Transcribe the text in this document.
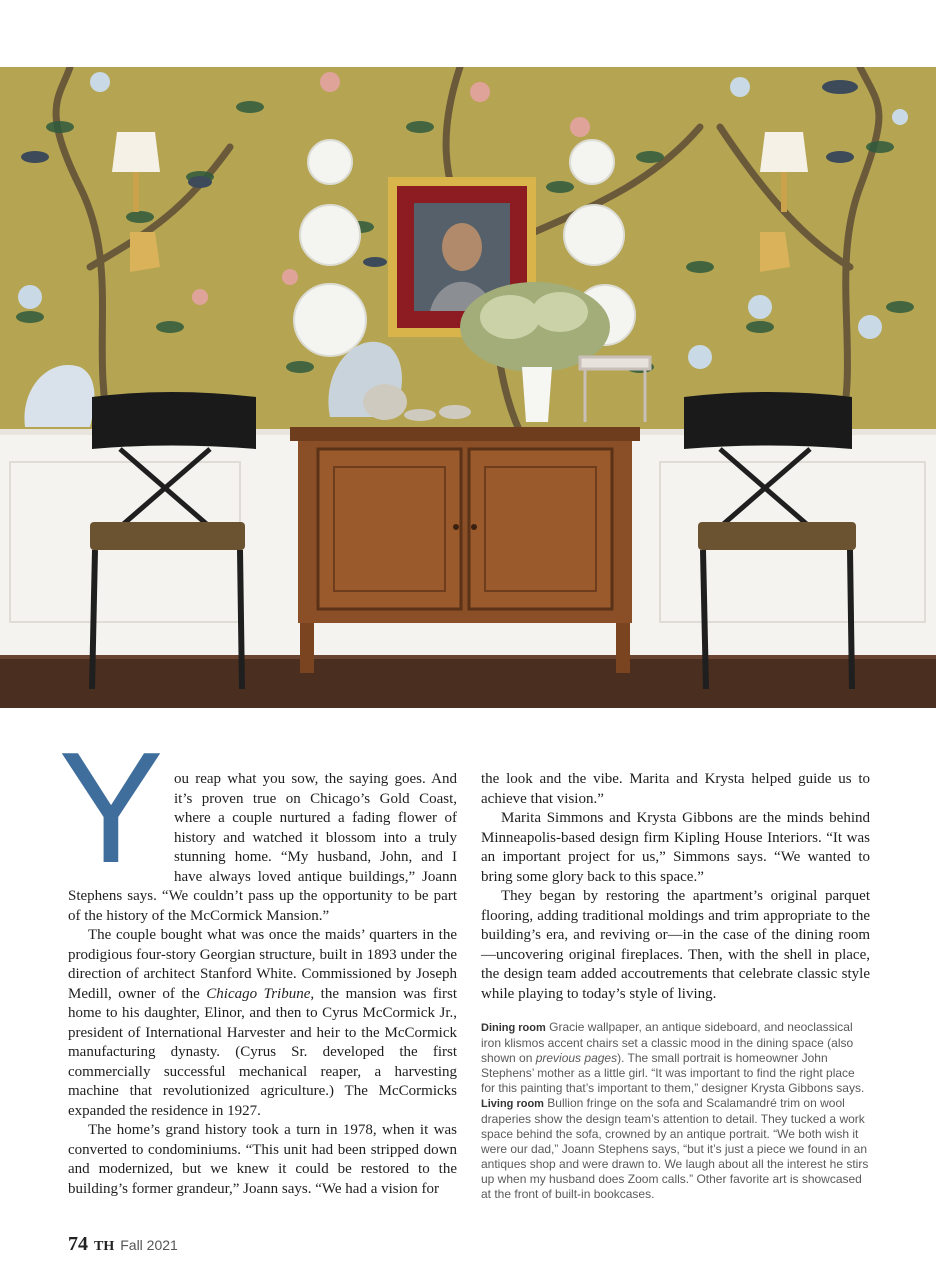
Y ou reap what you sow, the saying goes. And it’s proven true on Chicago’s Gold Coast, where a couple nurtured a fading flower of history and watched it blossom into a truly stunning home. “My husband, John, and I have always loved antique buildings,” Joann Stephens says. “We couldn’t pass up the opportunity to be part of the history of the McCormick Mansion.”

The couple bought what was once the maids’ quarters in the prodigious four-story Georgian structure, built in 1893 under the direction of architect Stanford White. Commissioned by Joseph Medill, owner of the Chicago Tribune, the mansion was first home to his daughter, Elinor, and then to Cyrus McCormick Jr., president of International Harvester and heir to the McCormick manufacturing dynasty. (Cyrus Sr. developed the first commercially successful mechanical reaper, a harvesting machine that revolutionized agriculture.) The McCormicks expanded the residence in 1927.

The home’s grand history took a turn in 1978, when it was converted to condominiums. “This unit had been stripped down and modernized, but we knew it could be restored to the building’s former grandeur,” Joann says. “We had a vision for

the look and the vibe. Marita and Krysta helped guide us to achieve that vision.”

Marita Simmons and Krysta Gibbons are the minds behind Minneapolis-based design firm Kipling House Interiors. “It was an important project for us,” Simmons says. “We wanted to bring some glory back to this space.”

They began by restoring the apartment’s original parquet flooring, adding traditional moldings and trim appropriate to the building’s era, and reviving or—in the case of the dining room—uncovering original fireplaces. Then, with the shell in place, the design team added accoutrements that celebrate classic style while playing to today’s style of living.

Dining room Gracie wallpaper, an antique sideboard, and neoclassical iron klismos accent chairs set a classic mood in the dining space (also shown on previous pages). The small portrait is homeowner John Stephens’ mother as a little girl. “It was important to find the right place for this painting that’s important to them,” designer Krysta Gibbons says. Living room Bullion fringe on the sofa and Scalamandré trim on wool draperies show the design team’s attention to detail. They tucked a work space behind the sofa, crowned by an antique portrait. “We both wish it were our dad,” Joann Stephens says, “but it’s just a piece we found in an antiques shop and were drawn to. We laugh about all the interest he stirs up when my husband does Zoom calls.” Other favorite art is showcased at the front of built-in bookcases.
74 TH Fall 2021
